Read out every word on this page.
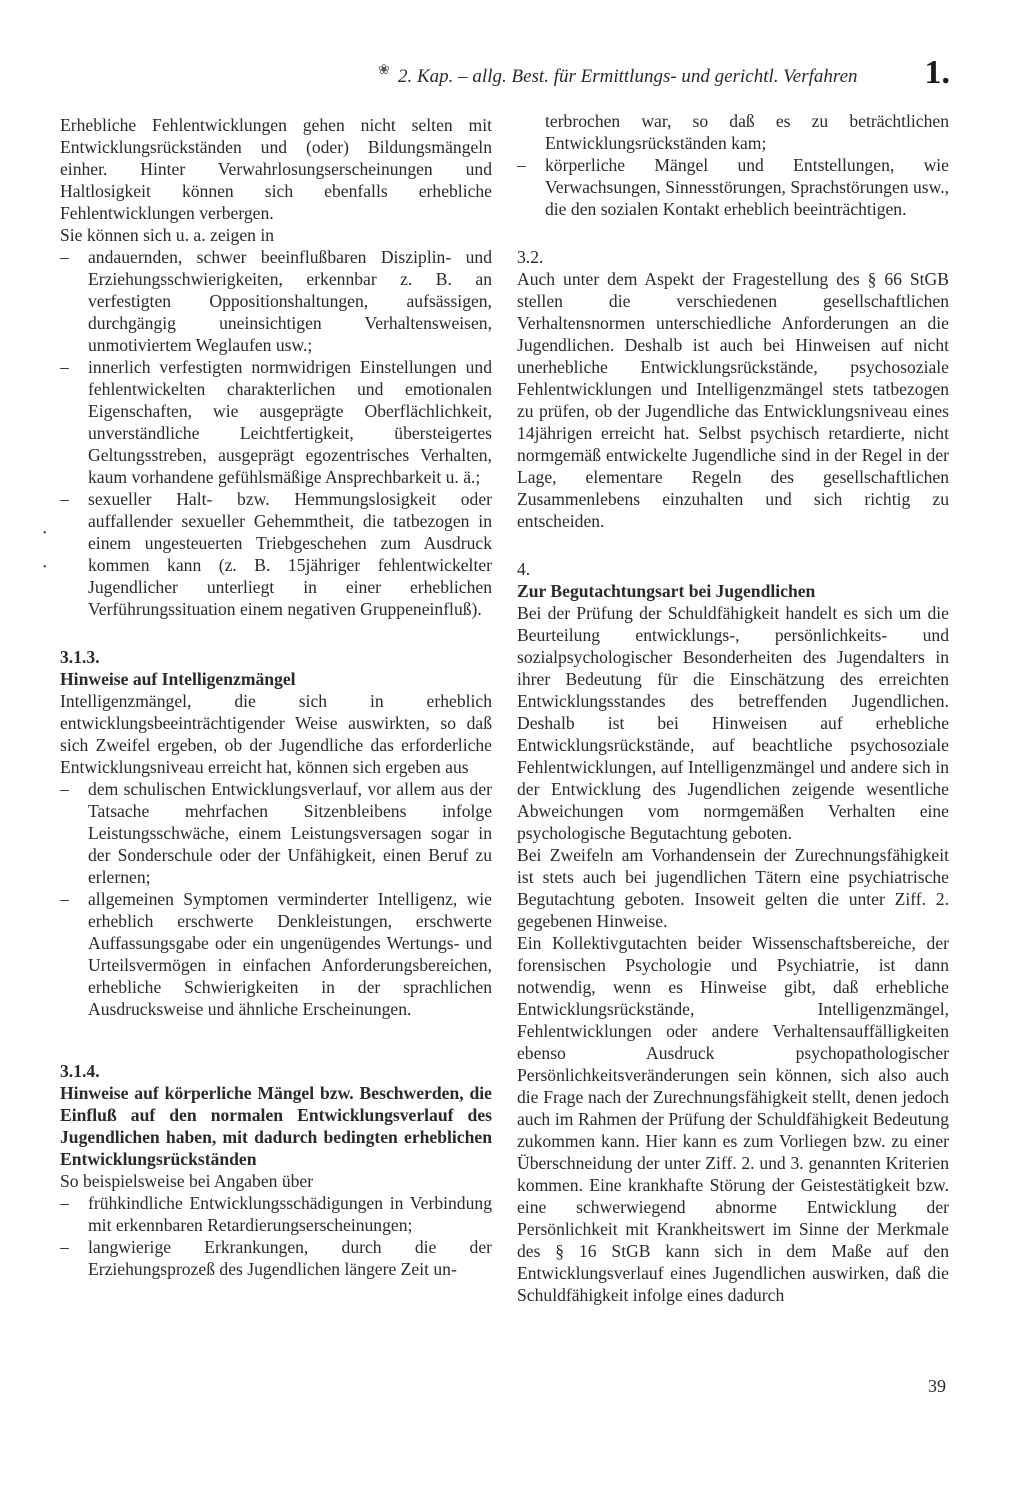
❀ 2. Kap. – allg. Best. für Ermittlungs- und gerichtl. Verfahren 1.
•
•

Erhebliche Fehlentwicklungen gehen nicht selten mit Entwicklungsrückständen und (oder) Bildungsmängeln einher. Hinter Verwahrlosungserscheinungen und Haltlosigkeit können sich ebenfalls erhebliche Fehlentwicklungen verbergen.

Sie können sich u. a. zeigen in

– andauernden, schwer beeinflußbaren Disziplin- und Erziehungsschwierigkeiten, erkennbar z. B. an verfestigten Oppositionshaltungen, aufsässigen, durchgängig uneinsichtigen Verhaltensweisen, unmotiviertem Weglaufen usw.;
– innerlich verfestigten normwidrigen Einstellungen und fehlentwickelten charakterlichen und emotionalen Eigenschaften, wie ausgeprägte Oberflächlichkeit, unverständliche Leichtfertigkeit, übersteigertes Geltungsstreben, ausgeprägt egozentrisches Verhalten, kaum vorhandene gefühlsmäßige Ansprechbarkeit u. ä.;
– sexueller Halt- bzw. Hemmungslosigkeit oder auffallender sexueller Gehemmtheit, die tatbezogen in einem ungesteuerten Triebgeschehen zum Ausdruck kommen kann (z. B. 15jähriger fehlentwickelter Jugendlicher unterliegt in einer erheblichen Verführungssituation einem negativen Gruppeneinfluß).

3.1.3.

Hinweise auf Intelligenzmängel

Intelligenzmängel, die sich in erheblich entwicklungsbeeinträchtigender Weise auswirkten, so daß sich Zweifel ergeben, ob der Jugendliche das erforderliche Entwicklungsniveau erreicht hat, können sich ergeben aus

– dem schulischen Entwicklungsverlauf, vor allem aus der Tatsache mehrfachen Sitzenbleibens infolge Leistungsschwäche, einem Leistungsversagen sogar in der Sonderschule oder der Unfähigkeit, einen Beruf zu erlernen;
– allgemeinen Symptomen verminderter Intelligenz, wie erheblich erschwerte Denkleistungen, erschwerte Auffassungsgabe oder ein ungenügendes Wertungs- und Urteilsvermögen in einfachen Anforderungsbereichen, erhebliche Schwierigkeiten in der sprachlichen Ausdrucksweise und ähnliche Erscheinungen.

3.1.4.

Hinweise auf körperliche Mängel bzw. Beschwerden, die Einfluß auf den normalen Entwicklungsverlauf des Jugendlichen haben, mit dadurch bedingten erheblichen Entwicklungsrückständen

So beispielsweise bei Angaben über

– frühkindliche Entwicklungsschädigungen in Verbindung mit erkennbaren Retardierungserscheinungen;
– langwierige Erkrankungen, durch die der Erziehungsprozeß des Jugendlichen längere Zeit un-

terbrochen war, so daß es zu beträchtlichen Entwicklungsrückständen kam;

– körperliche Mängel und Entstellungen, wie Verwachsungen, Sinnesstörungen, Sprachstörungen usw., die den sozialen Kontakt erheblich beeinträchtigen.

3.2.

Auch unter dem Aspekt der Fragestellung des § 66 StGB stellen die verschiedenen gesellschaftlichen Verhaltensnormen unterschiedliche Anforderungen an die Jugendlichen. Deshalb ist auch bei Hinweisen auf nicht unerhebliche Entwicklungsrückstände, psychosoziale Fehlentwicklungen und Intelligenzmängel stets tatbezogen zu prüfen, ob der Jugendliche das Entwicklungsniveau eines 14jährigen erreicht hat. Selbst psychisch retardierte, nicht normgemäß entwickelte Jugendliche sind in der Regel in der Lage, elementare Regeln des gesellschaftlichen Zusammenlebens einzuhalten und sich richtig zu entscheiden.

4.

Zur Begutachtungsart bei Jugendlichen

Bei der Prüfung der Schuldfähigkeit handelt es sich um die Beurteilung entwicklungs-, persönlichkeits- und sozialpsychologischer Besonderheiten des Jugendalters in ihrer Bedeutung für die Einschätzung des erreichten Entwicklungsstandes des betreffenden Jugendlichen. Deshalb ist bei Hinweisen auf erhebliche Entwicklungsrückstände, auf beachtliche psychosoziale Fehlentwicklungen, auf Intelligenzmängel und andere sich in der Entwicklung des Jugendlichen zeigende wesentliche Abweichungen vom normgemäßen Verhalten eine psychologische Begutachtung geboten.

Bei Zweifeln am Vorhandensein der Zurechnungsfähigkeit ist stets auch bei jugendlichen Tätern eine psychiatrische Begutachtung geboten. Insoweit gelten die unter Ziff. 2. gegebenen Hinweise.

Ein Kollektivgutachten beider Wissenschaftsbereiche, der forensischen Psychologie und Psychiatrie, ist dann notwendig, wenn es Hinweise gibt, daß erhebliche Entwicklungsrückstände, Intelligenzmängel, Fehlentwicklungen oder andere Verhaltensauffälligkeiten ebenso Ausdruck psychopathologischer Persönlichkeitsveränderungen sein können, sich also auch die Frage nach der Zurechnungsfähigkeit stellt, denen jedoch auch im Rahmen der Prüfung der Schuldfähigkeit Bedeutung zukommen kann. Hier kann es zum Vorliegen bzw. zu einer Überschneidung der unter Ziff. 2. und 3. genannten Kriterien kommen. Eine krankhafte Störung der Geistestätigkeit bzw. eine schwerwiegend abnorme Entwicklung der Persönlichkeit mit Krankheitswert im Sinne der Merkmale des § 16 StGB kann sich in dem Maße auf den Entwicklungsverlauf eines Jugendlichen auswirken, daß die Schuldfähigkeit infolge eines dadurch

39
